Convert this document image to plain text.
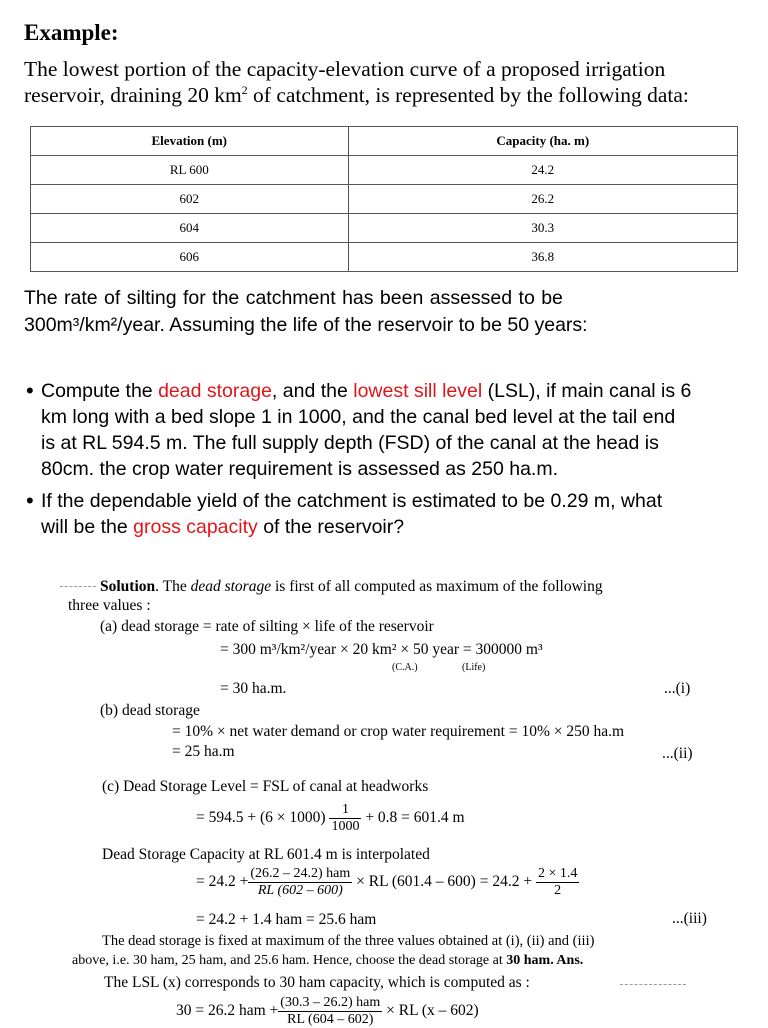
Example:
The lowest portion of the capacity-elevation curve of a proposed irrigation
reservoir, draining 20 $km^2$ of catchment, is represented by the following data:
Elevation (m)	Capacity (ha. m)
RL 600	24.2
602	26.2
604	30.3
606	36.8
The rate of silting for the catchment has been assessed to be
300m³/km²/year. Assuming the life of the reservoir to be 50 years:
• Compute the dead storage, and the lowest sill level (LSL), if main canal is 6
km long with a bed slope 1 in 1000, and the canal bed level at the tail end
is at RL 594.5 m. The full supply depth (FSD) of the canal at the head is
80cm. the crop water requirement is assessed as 250 ha.m.
• If the dependable yield of the catchment is estimated to be 0.29 m, what
will be the gross capacity of the reservoir?
Solution. The dead storage is first of all computed as maximum of the following
three values :
(a) dead storage = rate of silting × life of the reservoir
= 300 m³/km²/year × 20 km² × 50 year = 300000 m³
(C.A.)	(Life)
= 30 ha.m.	...(i)
(b) dead storage
= 10% × net water demand or crop water requirement = 10% × 250 ha.m
= 25 ha.m	...(ii)
(c) Dead Storage Level = FSL of canal at headworks
= $594.5 + (6 \times 1000) \frac{1}{1000} + 0.8 = 601.4$ m
Dead Storage Capacity at RL 601.4 m is interpolated
= $24.2 + \frac{\text{(26.2 – 24.2) ham}}{RL (602 - 600)}$ × RL $(601.4 - 600) = 24.2 + \frac{2 \times 1.4}{2}$
= 24.2 + 1.4 ham = 25.6 ham	...(iii)
The dead storage is fixed at maximum of the three values obtained at (i), (ii) and (iii)
above, i.e. 30 ham, 25 ham, and 25.6 ham. Hence, choose the dead storage at 30 ham. Ans.
The LSL (x) corresponds to 30 ham capacity, which is computed as :
30 = 26.2 ham + $\frac{\text{(30.3 – 26.2) ham}}{RL (604 - 602)}$ × RL (x – 602)
